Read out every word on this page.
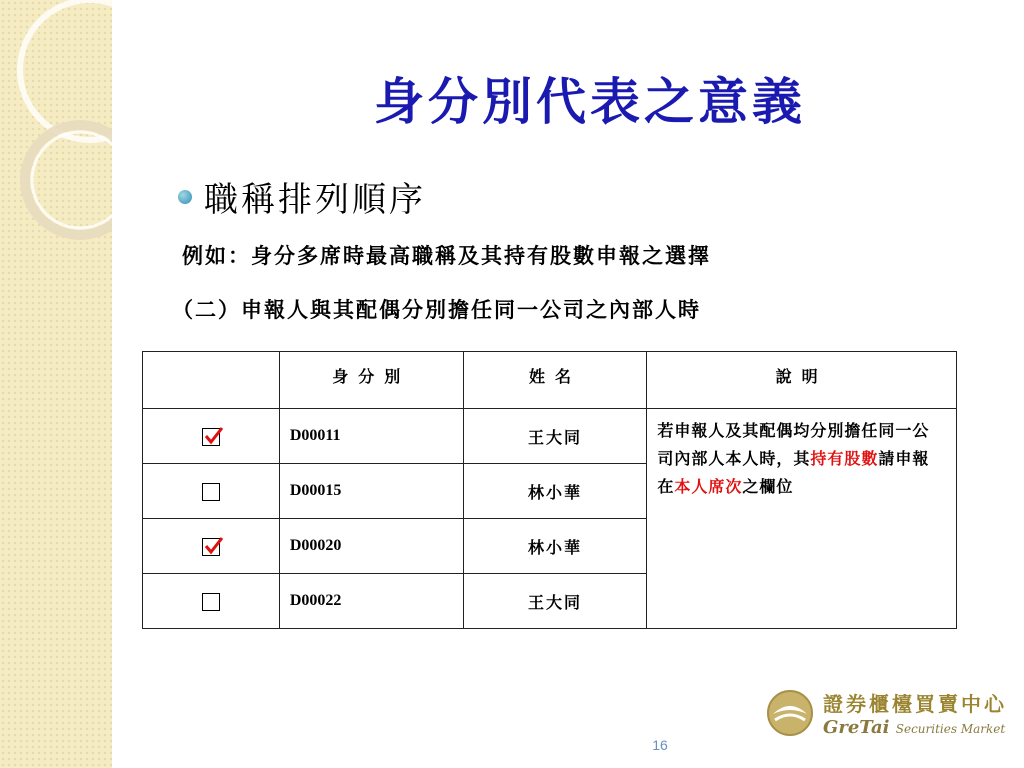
身分別代表之意義
職稱排列順序
例如：身分多席時最高職稱及其持有股數申報之選擇
（二）申報人與其配偶分別擔任同一公司之內部人時
	身分別	姓名	說明

	D00011	王大同	若申報人及其配偶均分別擔任同一公司內部人本人時，其持有股數請申報在本人席次之欄位
	D00015	林小華	

	D00020	林小華	
	D00022	王大同	
16
證券櫃檯買賣中心
GreTai Securities Market
